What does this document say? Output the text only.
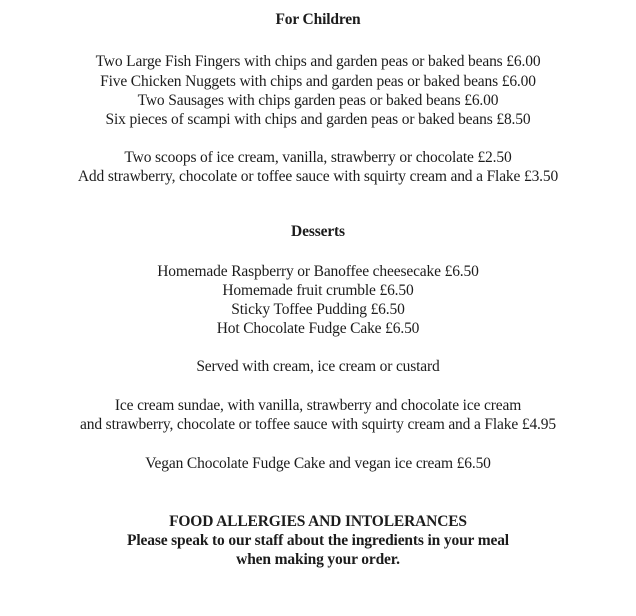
For Children
Two Large Fish Fingers with chips and garden peas or baked beans £6.00
Five Chicken Nuggets with chips and garden peas or baked beans £6.00
Two Sausages with chips garden peas or baked beans £6.00
Six pieces of scampi with chips and garden peas or baked beans £8.50
Two scoops of ice cream, vanilla, strawberry or chocolate £2.50
Add strawberry, chocolate or toffee sauce with squirty cream and a Flake £3.50
Desserts
Homemade Raspberry or Banoffee cheesecake £6.50
Homemade fruit crumble £6.50
Sticky Toffee Pudding £6.50
Hot Chocolate Fudge Cake £6.50
Served with cream, ice cream or custard
Ice cream sundae, with vanilla, strawberry and chocolate ice cream
and strawberry, chocolate or toffee sauce with squirty cream and a Flake £4.95
Vegan Chocolate Fudge Cake and vegan ice cream £6.50
FOOD ALLERGIES AND INTOLERANCES
Please speak to our staff about the ingredients in your meal
when making your order.
